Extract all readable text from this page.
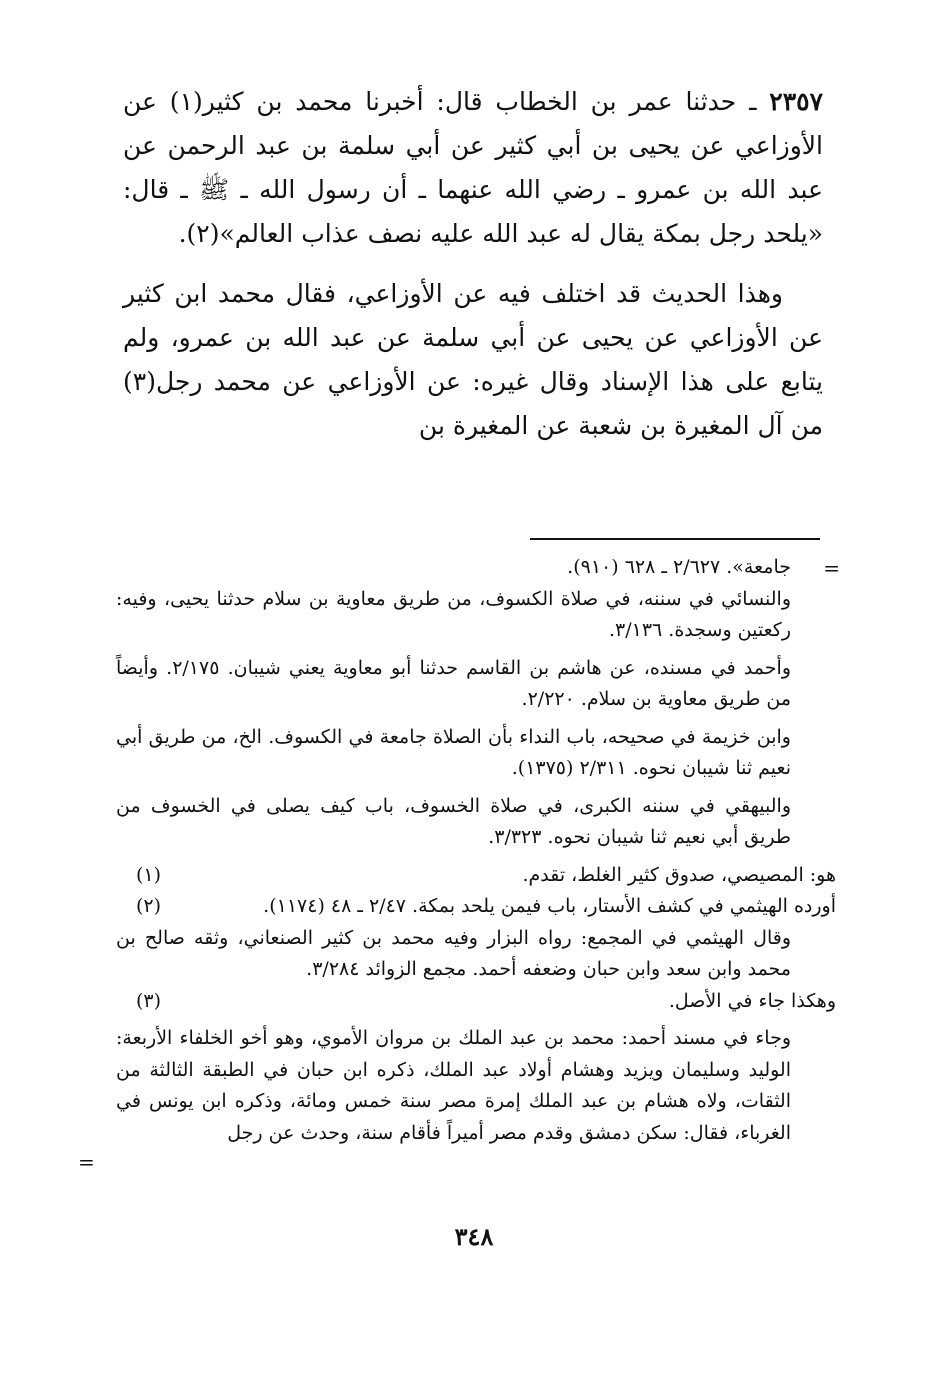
٢٣٥٧ ـ حدثنا عمر بن الخطاب قال: أخبرنا محمد بن كثير(١) عن الأوزاعي عن يحيى بن أبي كثير عن أبي سلمة بن عبد الرحمن عن عبد الله بن عمرو ـ رضي الله عنهما ـ أن رسول الله ـ ﷺ ـ قال: «يلحد رجل بمكة يقال له عبد الله عليه نصف عذاب العالم»(٢).

وهذا الحديث قد اختلف فيه عن الأوزاعي، فقال محمد ابن كثير عن الأوزاعي عن يحيى عن أبي سلمة عن عبد الله بن عمرو، ولم يتابع على هذا الإسناد وقال غيره: عن الأوزاعي عن محمد رجل(٣) من آل المغيرة بن شعبة عن المغيرة بن

=

جامعة». ٢/٦٢٧ ـ ٦٢٨ (٩١٠).

والنسائي في سننه، في صلاة الكسوف، من طريق معاوية بن سلام حدثنا يحيى، وفيه: ركعتين وسجدة. ٣/١٣٦.

وأحمد في مسنده، عن هاشم بن القاسم حدثنا أبو معاوية يعني شيبان. ٢/١٧٥. وأيضاً من طريق معاوية بن سلام. ٢/٢٢٠.

وابن خزيمة في صحيحه، باب النداء بأن الصلاة جامعة في الكسوف. الخ، من طريق أبي نعيم ثنا شيبان نحوه. ٢/٣١١ (١٣٧٥).

والبيهقي في سننه الكبرى، في صلاة الخسوف، باب كيف يصلى في الخسوف من طريق أبي نعيم ثنا شيبان نحوه. ٣/٣٢٣.

(١)	هو: المصيصي، صدوق كثير الغلط، تقدم.
(٢)	أورده الهيثمي في كشف الأستار، باب فيمن يلحد بمكة. ٢/٤٧ ـ ٤٨ (١١٧٤).

وقال الهيثمي في المجمع: رواه البزار وفيه محمد بن كثير الصنعاني، وثقه صالح بن محمد وابن سعد وابن حبان وضعفه أحمد. مجمع الزوائد ٣/٢٨٤.

(٣)	وهكذا جاء في الأصل.

وجاء في مسند أحمد: محمد بن عبد الملك بن مروان الأموي، وهو أخو الخلفاء الأربعة: الوليد وسليمان ويزيد وهشام أولاد عبد الملك، ذكره ابن حبان في الطبقة الثالثة من الثقات، ولاه هشام بن عبد الملك إمرة مصر سنة خمس ومائة، وذكره ابن يونس في الغرباء، فقال: سكن دمشق وقدم مصر أميراً فأقام سنة، وحدث عن رجل

=
٣٤٨
